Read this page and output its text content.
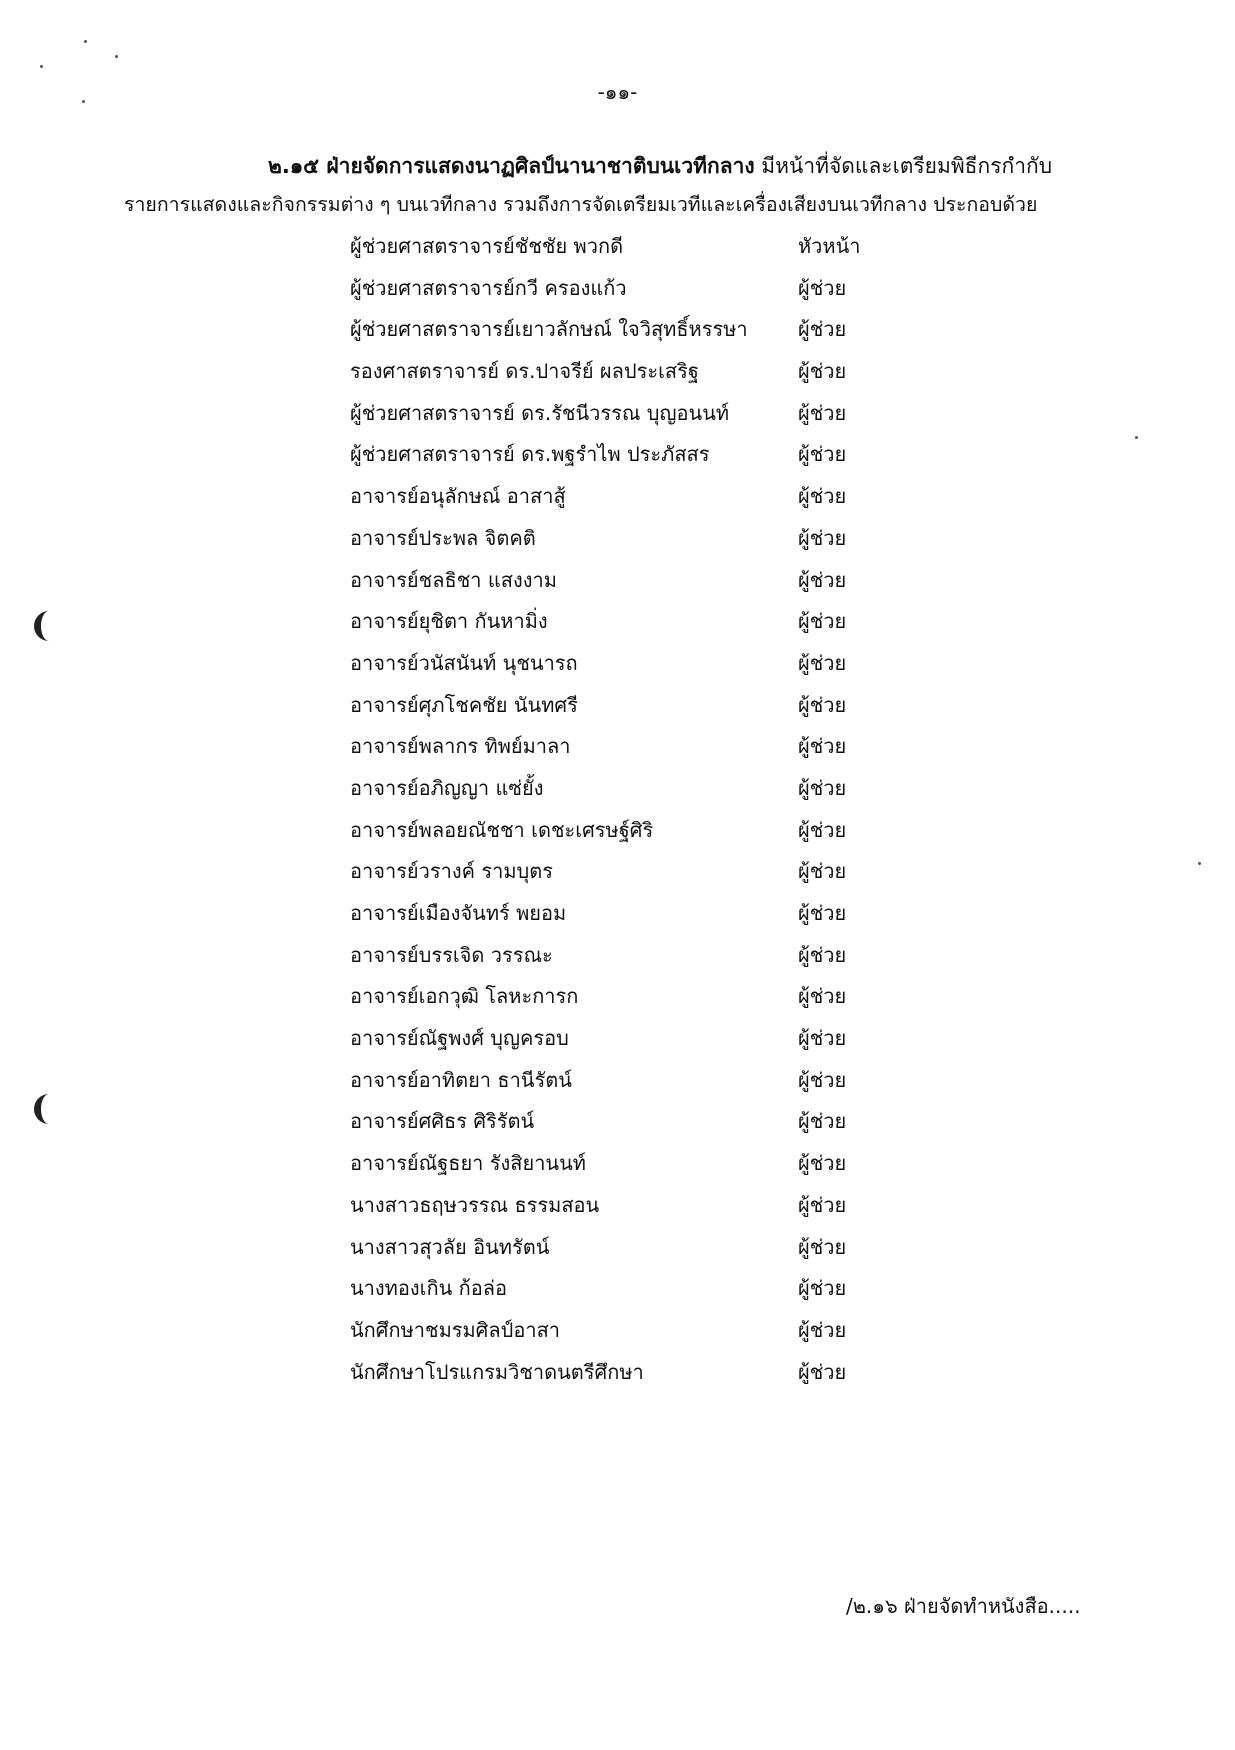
-๑๑-
๒.๑๕ ฝ่ายจัดการแสดงนาฏศิลป์นานาชาติบนเวทีกลาง มีหน้าที่จัดและเตรียมพิธีกรกำกับ
รายการแสดงและกิจกรรมต่าง ๆ บนเวทีกลาง รวมถึงการจัดเตรียมเวทีและเครื่องเสียงบนเวทีกลาง ประกอบด้วย
ผู้ช่วยศาสตราจารย์ชัชชัย พวกดี	หัวหน้า
ผู้ช่วยศาสตราจารย์กวี ครองแก้ว	ผู้ช่วย
ผู้ช่วยศาสตราจารย์เยาวลักษณ์ ใจวิสุทธิ์หรรษา	ผู้ช่วย
รองศาสตราจารย์ ดร.ปาจรีย์ ผลประเสริฐ	ผู้ช่วย
ผู้ช่วยศาสตราจารย์ ดร.รัชนีวรรณ บุญอนนท์	ผู้ช่วย
ผู้ช่วยศาสตราจารย์ ดร.พฐรำไพ ประภัสสร	ผู้ช่วย
อาจารย์อนุลักษณ์ อาสาสู้	ผู้ช่วย
อาจารย์ประพล จิตคติ	ผู้ช่วย
อาจารย์ชลธิชา แสงงาม	ผู้ช่วย
อาจารย์ยุชิตา กันหามิ่ง	ผู้ช่วย
อาจารย์วนัสนันท์ นุชนารถ	ผู้ช่วย
อาจารย์ศุภโชคชัย นันทศรี	ผู้ช่วย
อาจารย์พลากร ทิพย์มาลา	ผู้ช่วย
อาจารย์อภิญญา แซ่ยั้ง	ผู้ช่วย
อาจารย์พลอยณัชชา เดชะเศรษฐ์ศิริ	ผู้ช่วย
อาจารย์วรางค์ รามบุตร	ผู้ช่วย
อาจารย์เมืองจันทร์ พยอม	ผู้ช่วย
อาจารย์บรรเจิด วรรณะ	ผู้ช่วย
อาจารย์เอกวุฒิ โลหะการก	ผู้ช่วย
อาจารย์ณัฐพงศ์ บุญครอบ	ผู้ช่วย
อาจารย์อาทิตยา ธานีรัตน์	ผู้ช่วย
อาจารย์ศศิธร ศิริรัตน์	ผู้ช่วย
อาจารย์ณัฐธยา รังสิยานนท์	ผู้ช่วย
นางสาวธฤษวรรณ ธรรมสอน	ผู้ช่วย
นางสาวสุวลัย อินทรัตน์	ผู้ช่วย
นางทองเกิน ก้อล่อ	ผู้ช่วย
นักศึกษาชมรมศิลป์อาสา	ผู้ช่วย
นักศึกษาโปรแกรมวิชาดนตรีศึกษา	ผู้ช่วย
/๒.๑๖ ฝ่ายจัดทำหนังสือ.....
